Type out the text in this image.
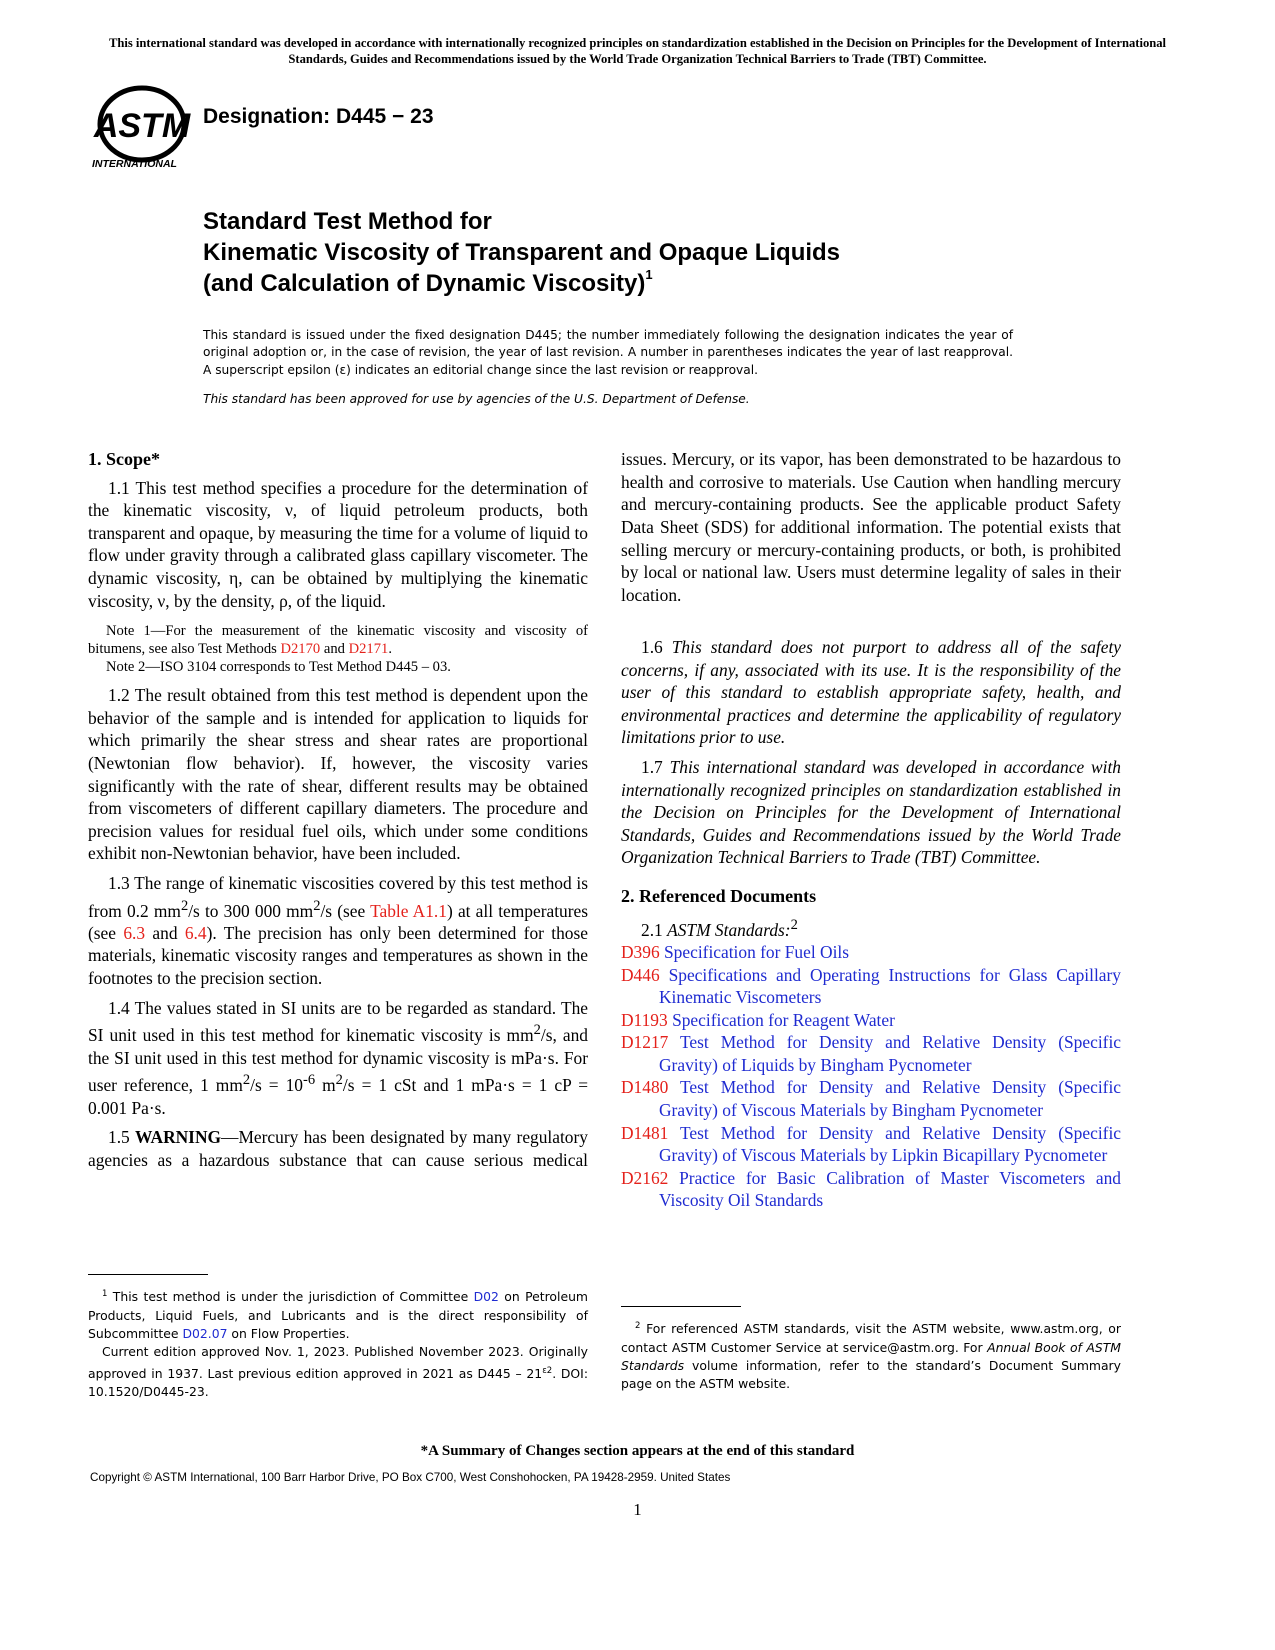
This international standard was developed in accordance with internationally recognized principles on standardization established in the Decision on Principles for the Development of International Standards, Guides and Recommendations issued by the World Trade Organization Technical Barriers to Trade (TBT) Committee.
ASTM
INTERNATIONAL
Designation: D445 − 23
Standard Test Method for
Kinematic Viscosity of Transparent and Opaque Liquids
(and Calculation of Dynamic Viscosity)$^1$
This standard is issued under the fixed designation D445; the number immediately following the designation indicates the year of original adoption or, in the case of revision, the year of last revision. A number in parentheses indicates the year of last reapproval. A superscript epsilon (ε) indicates an editorial change since the last revision or reapproval.
This standard has been approved for use by agencies of the U.S. Department of Defense.
1. Scope*

1.1 This test method specifies a procedure for the determination of the kinematic viscosity, ν, of liquid petroleum products, both transparent and opaque, by measuring the time for a volume of liquid to flow under gravity through a calibrated glass capillary viscometer. The dynamic viscosity, η, can be obtained by multiplying the kinematic viscosity, ν, by the density, ρ, of the liquid.

Note 1—For the measurement of the kinematic viscosity and viscosity of bitumens, see also Test Methods D2170 and D2171.

Note 2—ISO 3104 corresponds to Test Method D445 – 03.

1.2 The result obtained from this test method is dependent upon the behavior of the sample and is intended for application to liquids for which primarily the shear stress and shear rates are proportional (Newtonian flow behavior). If, however, the viscosity varies significantly with the rate of shear, different results may be obtained from viscometers of different capillary diameters. The procedure and precision values for residual fuel oils, which under some conditions exhibit non-Newtonian behavior, have been included.

1.3 The range of kinematic viscosities covered by this test method is from 0.2 $mm^2/s$ to 300 000 $mm^2/s$ (see Table A1.1) at all temperatures (see 6.3 and 6.4). The precision has only been determined for those materials, kinematic viscosity ranges and temperatures as shown in the footnotes to the precision section.

1.4 The values stated in SI units are to be regarded as standard. The SI unit used in this test method for kinematic viscosity is $mm^2/s$, and the SI unit used in this test method for dynamic viscosity is mPa·s. For user reference, 1 $mm^2/s = 10^{-6}$ $m^2/s = 1$ cSt and 1 mPa·s = 1 cP = 0.001 Pa·s.

1.5 WARNING—Mercury has been designated by many regulatory agencies as a hazardous substance that can cause serious medical

$^1$ This test method is under the jurisdiction of Committee D02 on Petroleum Products, Liquid Fuels, and Lubricants and is the direct responsibility of Subcommittee D02.07 on Flow Properties.

Current edition approved Nov. 1, 2023. Published November 2023. Originally approved in 1937. Last previous edition approved in 2021 as $D445 - 21^{\varepsilon 2}$. DOI: 10.1520/D0445-23.

issues. Mercury, or its vapor, has been demonstrated to be hazardous to health and corrosive to materials. Use Caution when handling mercury and mercury-containing products. See the applicable product Safety Data Sheet (SDS) for additional information. The potential exists that selling mercury or mercury-containing products, or both, is prohibited by local or national law. Users must determine legality of sales in their location.

1.6 This standard does not purport to address all of the safety concerns, if any, associated with its use. It is the responsibility of the user of this standard to establish appropriate safety, health, and environmental practices and determine the applicability of regulatory limitations prior to use.

1.7 This international standard was developed in accordance with internationally recognized principles on standardization established in the Decision on Principles for the Development of International Standards, Guides and Recommendations issued by the World Trade Organization Technical Barriers to Trade (TBT) Committee.

2. Referenced Documents

2.1 ASTM Standards:$^2$

D396 Specification for Fuel Oils

D446 Specifications and Operating Instructions for Glass Capillary Kinematic Viscometers

D1193 Specification for Reagent Water

D1217 Test Method for Density and Relative Density (Specific Gravity) of Liquids by Bingham Pycnometer

D1480 Test Method for Density and Relative Density (Specific Gravity) of Viscous Materials by Bingham Pycnometer

D1481 Test Method for Density and Relative Density (Specific Gravity) of Viscous Materials by Lipkin Bicapillary Pycnometer

D2162 Practice for Basic Calibration of Master Viscometers and Viscosity Oil Standards

$^2$ For referenced ASTM standards, visit the ASTM website, www.astm.org, or contact ASTM Customer Service at service@astm.org. For Annual Book of ASTM Standards volume information, refer to the standard’s Document Summary page on the ASTM website.

*A Summary of Changes section appears at the end of this standard
Copyright © ASTM International, 100 Barr Harbor Drive, PO Box C700, West Conshohocken, PA 19428-2959. United States
1
